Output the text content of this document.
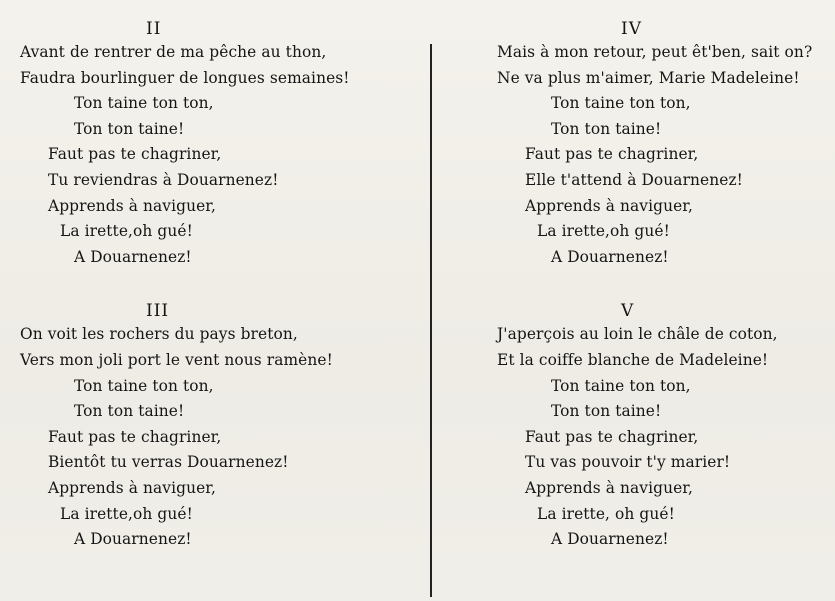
II
Avant de rentrer de ma pêche au thon,
Faudra bourlinguer de longues semaines!
Ton taine ton ton,
Ton ton taine!
Faut pas te chagriner,
Tu reviendras à Douarnenez!
Apprends à naviguer,
La irette,oh gué!
A Douarnenez!
III
On voit les rochers du pays breton,
Vers mon joli port le vent nous ramène!
Ton taine ton ton,
Ton ton taine!
Faut pas te chagriner,
Bientôt tu verras Douarnenez!
Apprends à naviguer,
La irette,oh gué!
A Douarnenez!
IV
Mais à mon retour, peut êt'ben, sait on?
Ne va plus m'aimer, Marie Madeleine!
Ton taine ton ton,
Ton ton taine!
Faut pas te chagriner,
Elle t'attend à Douarnenez!
Apprends à naviguer,
La irette,oh gué!
A Douarnenez!
V
J'aperçois au loin le châle de coton,
Et la coiffe blanche de Madeleine!
Ton taine ton ton,
Ton ton taine!
Faut pas te chagriner,
Tu vas pouvoir t'y marier!
Apprends à naviguer,
La irette, oh gué!
A Douarnenez!
